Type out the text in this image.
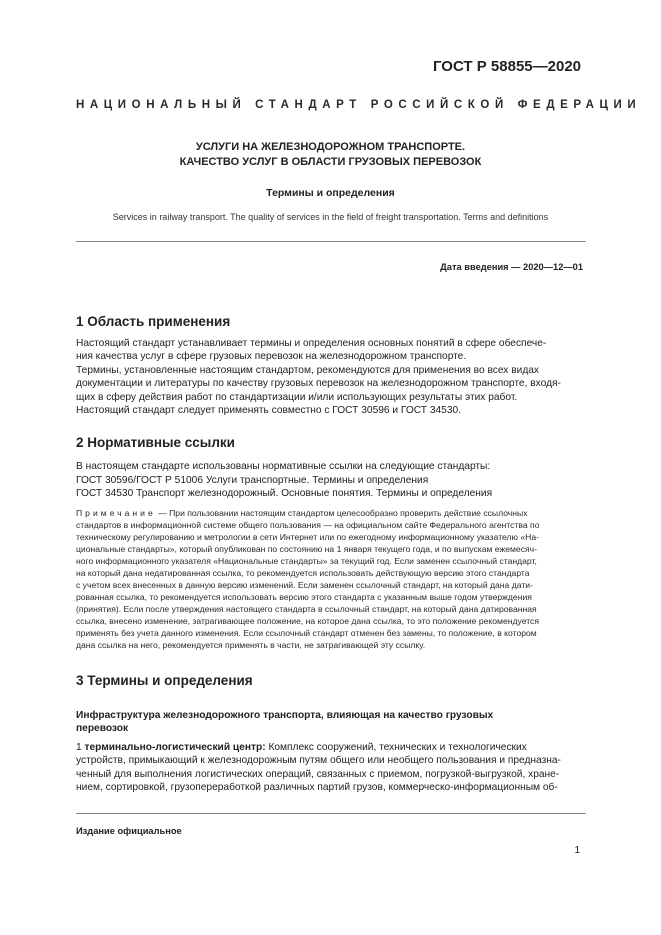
ГОСТ Р 58855—2020
НАЦИОНАЛЬНЫЙ СТАНДАРТ РОССИЙСКОЙ ФЕДЕРАЦИИ
УСЛУГИ НА ЖЕЛЕЗНОДОРОЖНОМ ТРАНСПОРТЕ.
КАЧЕСТВО УСЛУГ В ОБЛАСТИ ГРУЗОВЫХ ПЕРЕВОЗОК
Термины и определения
Services in railway transport. The quality of services in the field of freight transportation. Terms and definitions
Дата введения — 2020—12—01
1 Область применения

Настоящий стандарт устанавливает термины и определения основных понятий в сфере обеспече-
ния качества услуг в сфере грузовых перевозок на железнодорожном транспорте.

Термины, установленные настоящим стандартом, рекомендуются для применения во всех видах
документации и литературы по качеству грузовых перевозок на железнодорожном транспорте, входя-
щих в сферу действия работ по стандартизации и/или использующих результаты этих работ.

Настоящий стандарт следует применять совместно с ГОСТ 30596 и ГОСТ 34530.

2 Нормативные ссылки
В настоящем стандарте использованы нормативные ссылки на следующие стандарты:
ГОСТ 30596/ГОСТ Р 51006 Услуги транспортные. Термины и определения
ГОСТ 34530 Транспорт железнодорожный. Основные понятия. Термины и определения

Примечание — При пользовании настоящим стандартом целесообразно проверить действие ссылочных
стандартов в информационной системе общего пользования — на официальном сайте Федерального агентства по
техническому регулированию и метрологии в сети Интернет или по ежегодному информационному указателю «На-
циональные стандарты», который опубликован по состоянию на 1 января текущего года, и по выпускам ежемесяч-
ного информационного указателя «Национальные стандарты» за текущий год. Если заменен ссылочный стандарт,
на который дана недатированная ссылка, то рекомендуется использовать действующую версию этого стандарта
с учетом всех внесенных в данную версию изменений. Если заменен ссылочный стандарт, на который дана дати-
рованная ссылка, то рекомендуется использовать версию этого стандарта с указанным выше годом утверждения
(принятия). Если после утверждения настоящего стандарта в ссылочный стандарт, на который дана датированная
ссылка, внесено изменение, затрагивающее положение, на которое дана ссылка, то это положение рекомендуется
применять без учета данного изменения. Если ссылочный стандарт отменен без замены, то положение, в котором
дана ссылка на него, рекомендуется применять в части, не затрагивающей эту ссылку.

3 Термины и определения

Инфраструктура железнодорожного транспорта, влияющая на качество грузовых
перевозок

1 терминально-логистический центр: Комплекс сооружений, технических и технологических
устройств, примыкающий к железнодорожным путям общего или необщего пользования и предназна-
ченный для выполнения логистических операций, связанных с приемом, погрузкой-выгрузкой, хране-
нием, сортировкой, грузопереработкой различных партий грузов, коммерческо-информационным об-

Издание официальное
1
